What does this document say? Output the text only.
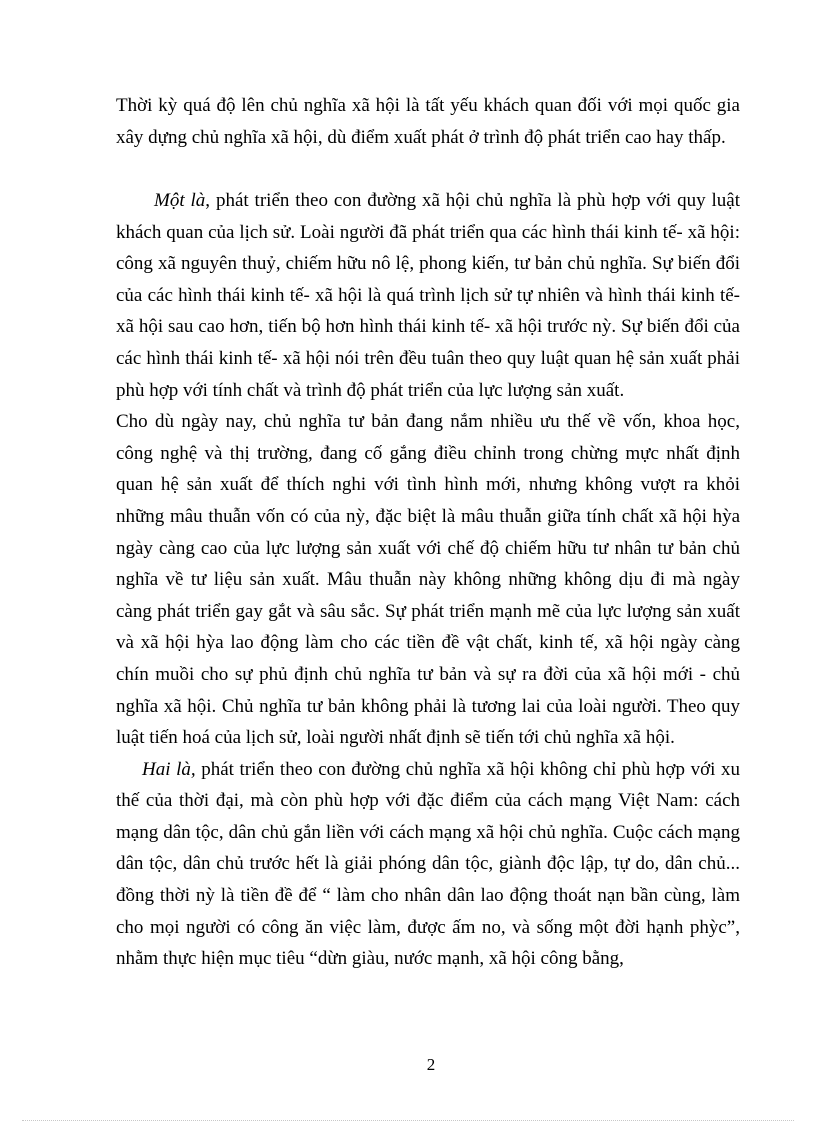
Thời kỳ quá độ lên chủ nghĩa xã hội là tất yếu khách quan đối với mọi quốc gia xây dựng chủ nghĩa xã hội, dù điểm xuất phát ở trình độ phát triển cao hay thấp.

Một là, phát triển theo con đường xã hội chủ nghĩa là phù hợp với quy luật khách quan của lịch sử. Loài người đã phát triển qua các hình thái kinh tế- xã hội: công xã nguyên thuỷ, chiếm hữu nô lệ, phong kiến, tư bản chủ nghĩa. Sự biến đổi của các hình thái kinh tế- xã hội là quá trình lịch sử tự nhiên và hình thái kinh tế- xã hội sau cao hơn, tiến bộ hơn hình thái kinh tế- xã hội trước nỳ. Sự biến đổi của các hình thái kinh tế- xã hội nói trên đều tuân theo quy luật quan hệ sản xuất phải phù hợp với tính chất và trình độ phát triển của lực lượng sản xuất.

Cho dù ngày nay, chủ nghĩa tư bản đang nắm nhiều ưu thế về vốn, khoa học, công nghệ và thị trường, đang cố gắng điều chỉnh trong chừng mực nhất định quan hệ sản xuất để thích nghi với tình hình mới, nhưng không vượt ra khỏi những mâu thuẫn vốn có của nỳ, đặc biệt là mâu thuẫn giữa tính chất xã hội hỳa ngày càng cao của lực lượng sản xuất với chế độ chiếm hữu tư nhân tư bản chủ nghĩa về tư liệu sản xuất. Mâu thuẫn này không những không dịu đi mà ngày càng phát triển gay gắt và sâu sắc. Sự phát triển mạnh mẽ của lực lượng sản xuất và xã hội hỳa lao động làm cho các tiền đề vật chất, kinh tế, xã hội ngày càng chín muồi cho sự phủ định chủ nghĩa tư bản và sự ra đời của xã hội mới - chủ nghĩa xã hội. Chủ nghĩa tư bản không phải là tương lai của loài người. Theo quy luật tiến hoá của lịch sử, loài người nhất định sẽ tiến tới chủ nghĩa xã hội.

Hai là, phát triển theo con đường chủ nghĩa xã hội không chỉ phù hợp với xu thế của thời đại, mà còn phù hợp với đặc điểm của cách mạng Việt Nam: cách mạng dân tộc, dân chủ gắn liền với cách mạng xã hội chủ nghĩa. Cuộc cách mạng dân tộc, dân chủ trước hết là giải phóng dân tộc, giành độc lập, tự do, dân chủ... đồng thời nỳ là tiền đề để “ làm cho nhân dân lao động thoát nạn bần cùng, làm cho mọi người có công ăn việc làm, được ấm no, và sống một đời hạnh phỳc”, nhằm thực hiện mục tiêu “dừn giàu, nước mạnh, xã hội công bằng,

2
